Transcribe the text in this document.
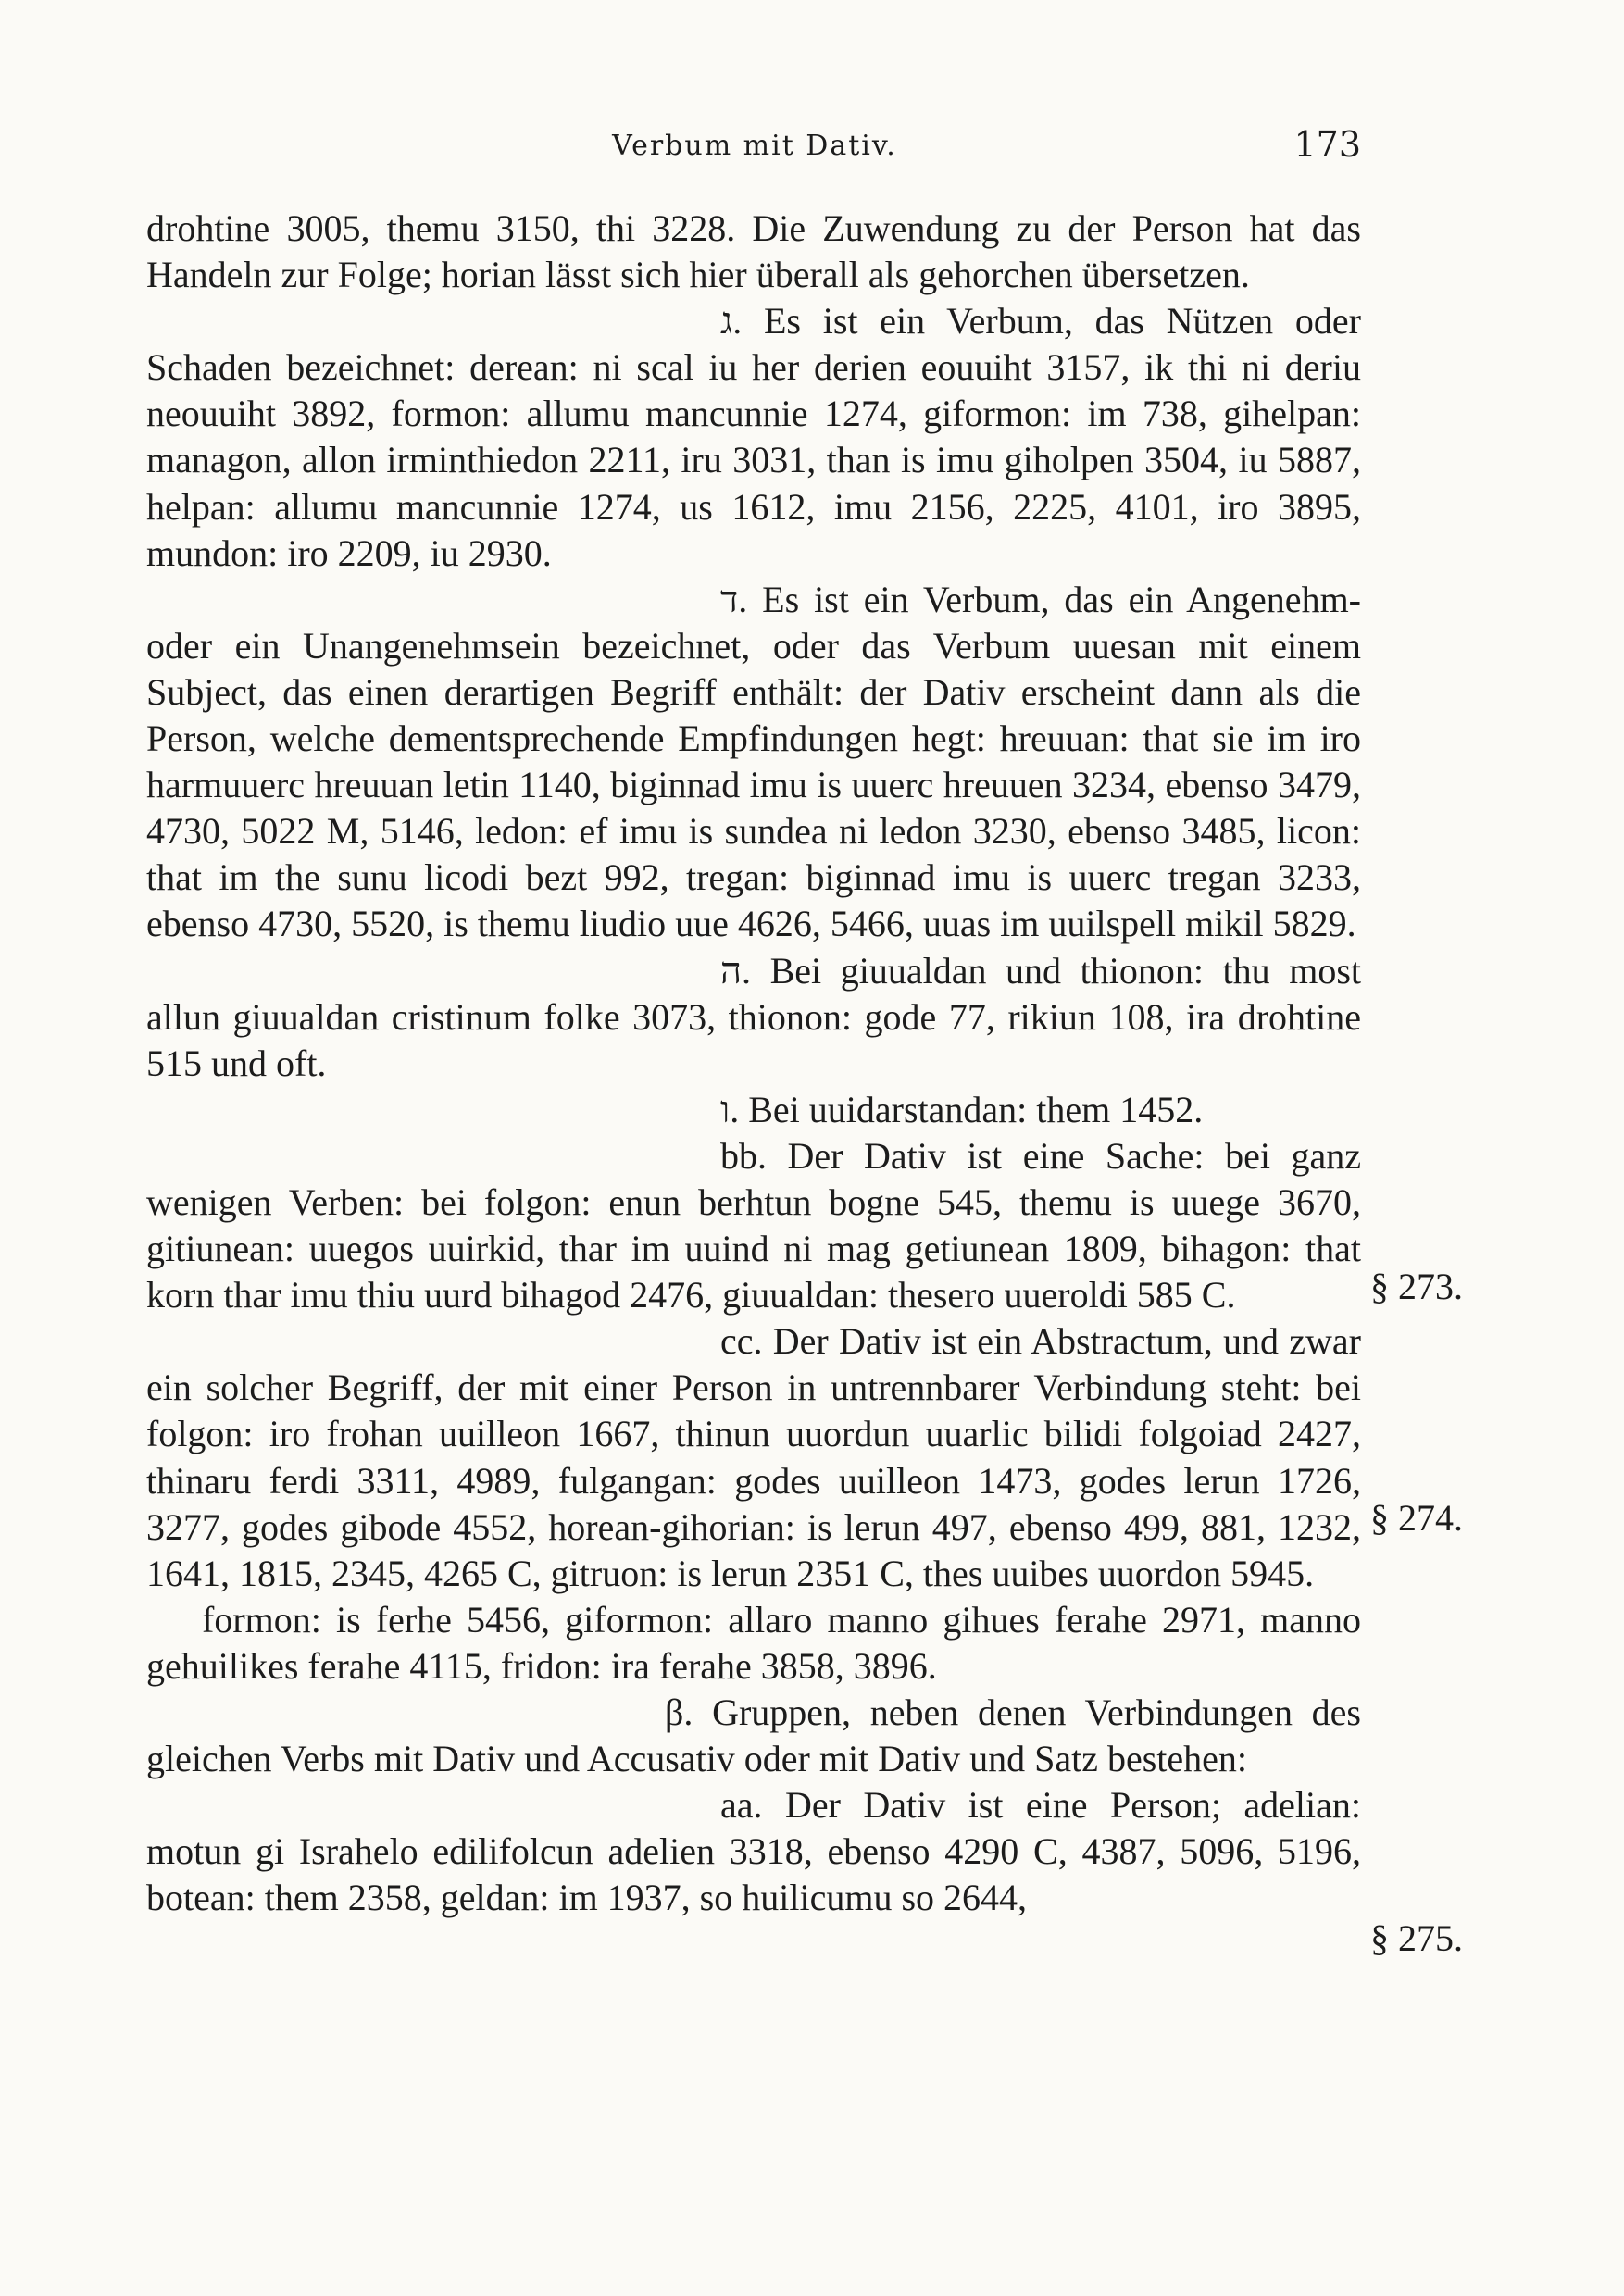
Verbum mit Dativ.	173

drohtine 3005, themu 3150, thi 3228. Die Zuwendung zu der Person hat das Handeln zur Folge; horian lässt sich hier überall als gehorchen übersetzen.

ג. Es ist ein Verbum, das Nützen oder Schaden bezeichnet: derean: ni scal iu her derien eouuiht 3157, ik thi ni deriu neouuiht 3892, formon: allumu mancunnie 1274, giformon: im 738, gihelpan: managon, allon irminthiedon 2211, iru 3031, than is imu giholpen 3504, iu 5887, helpan: allumu mancunnie 1274, us 1612, imu 2156, 2225, 4101, iro 3895, mundon: iro 2209, iu 2930.

ד. Es ist ein Verbum, das ein Angenehm- oder ein Unangenehmsein bezeichnet, oder das Verbum uuesan mit einem Subject, das einen derartigen Begriff enthält: der Dativ erscheint dann als die Person, welche dementsprechende Empfindungen hegt: hreuuan: that sie im iro harmuuerc hreuuan letin 1140, biginnad imu is uuerc hreuuen 3234, ebenso 3479, 4730, 5022 M, 5146, ledon: ef imu is sundea ni ledon 3230, ebenso 3485, licon: that im the sunu licodi bezt 992, tregan: biginnad imu is uuerc tregan 3233, ebenso 4730, 5520, is themu liudio uue 4626, 5466, uuas im uuilspell mikil 5829.

ה. Bei giuualdan und thionon: thu most allun giuualdan cristinum folke 3073, thionon: gode 77, rikiun 108, ira drohtine 515 und oft.

ו. Bei uuidarstandan: them 1452.

bb. Der Dativ ist eine Sache: bei ganz wenigen Verben: bei folgon: enun berhtun bogne 545, themu is uuege 3670, gitiunean: uuegos uuirkid, thar im uuind ni mag getiunean 1809, bihagon: that korn thar imu thiu uurd bihagod 2476, giuualdan: thesero uueroldi 585 C.

cc. Der Dativ ist ein Abstractum, und zwar ein solcher Begriff, der mit einer Person in untrennbarer Verbindung steht: bei folgon: iro frohan uuilleon 1667, thinun uuordun uuarlic bilidi folgoiad 2427, thinaru ferdi 3311, 4989, fulgangan: godes uuilleon 1473, godes lerun 1726, 3277, godes gibode 4552, horean-gihorian: is lerun 497, ebenso 499, 881, 1232, 1641, 1815, 2345, 4265 C, gitruon: is lerun 2351 C, thes uuibes uuordon 5945.

formon: is ferhe 5456, giformon: allaro manno gihues ferahe 2971, manno gehuilikes ferahe 4115, fridon: ira ferahe 3858, 3896.

β. Gruppen, neben denen Verbindungen des gleichen Verbs mit Dativ und Accusativ oder mit Dativ und Satz bestehen:

aa. Der Dativ ist eine Person; adelian: motun gi Israhelo edilifolcun adelien 3318, ebenso 4290 C, 4387, 5096, 5196, botean: them 2358, geldan: im 1937, so huilicumu so 2644,

§ 273.
§ 274.
§ 275.
